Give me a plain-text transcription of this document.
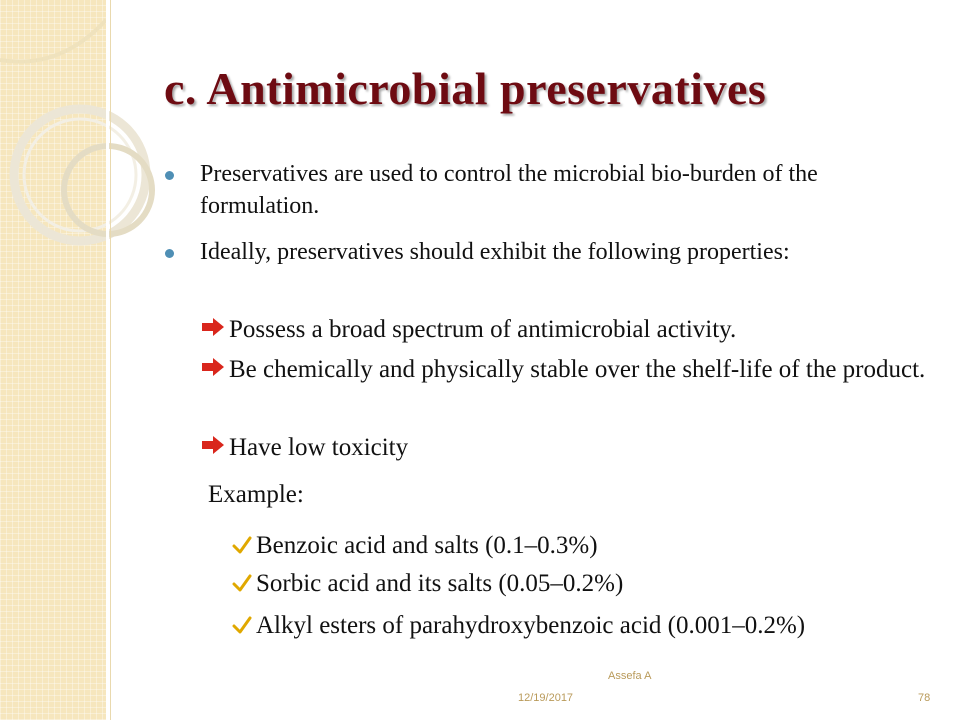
c. Antimicrobial preservatives
Preservatives are used to control the microbial bio-burden of the formulation.
Ideally, preservatives should exhibit the following properties:
Possess a broad spectrum of antimicrobial activity.
Be chemically and physically stable over the shelf-life of the product.
Have low toxicity

Example:

Benzoic acid and salts (0.1–0.3%)
Sorbic acid and its salts (0.05–0.2%)
Alkyl esters of parahydroxybenzoic acid (0.001–0.2%)
Assefa A
12/19/2017	78
